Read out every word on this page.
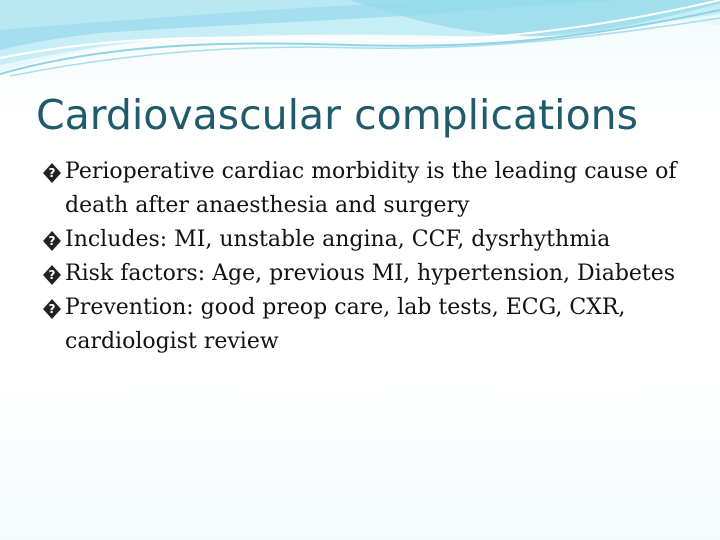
Cardiovascular complications
? Perioperative cardiac morbidity is the leading cause of death after anaesthesia and surgery
? Includes: MI, unstable angina, CCF, dysrhythmia
? Risk factors: Age, previous MI, hypertension, Diabetes
? Prevention: good preop care, lab tests, ECG, CXR, cardiologist review
